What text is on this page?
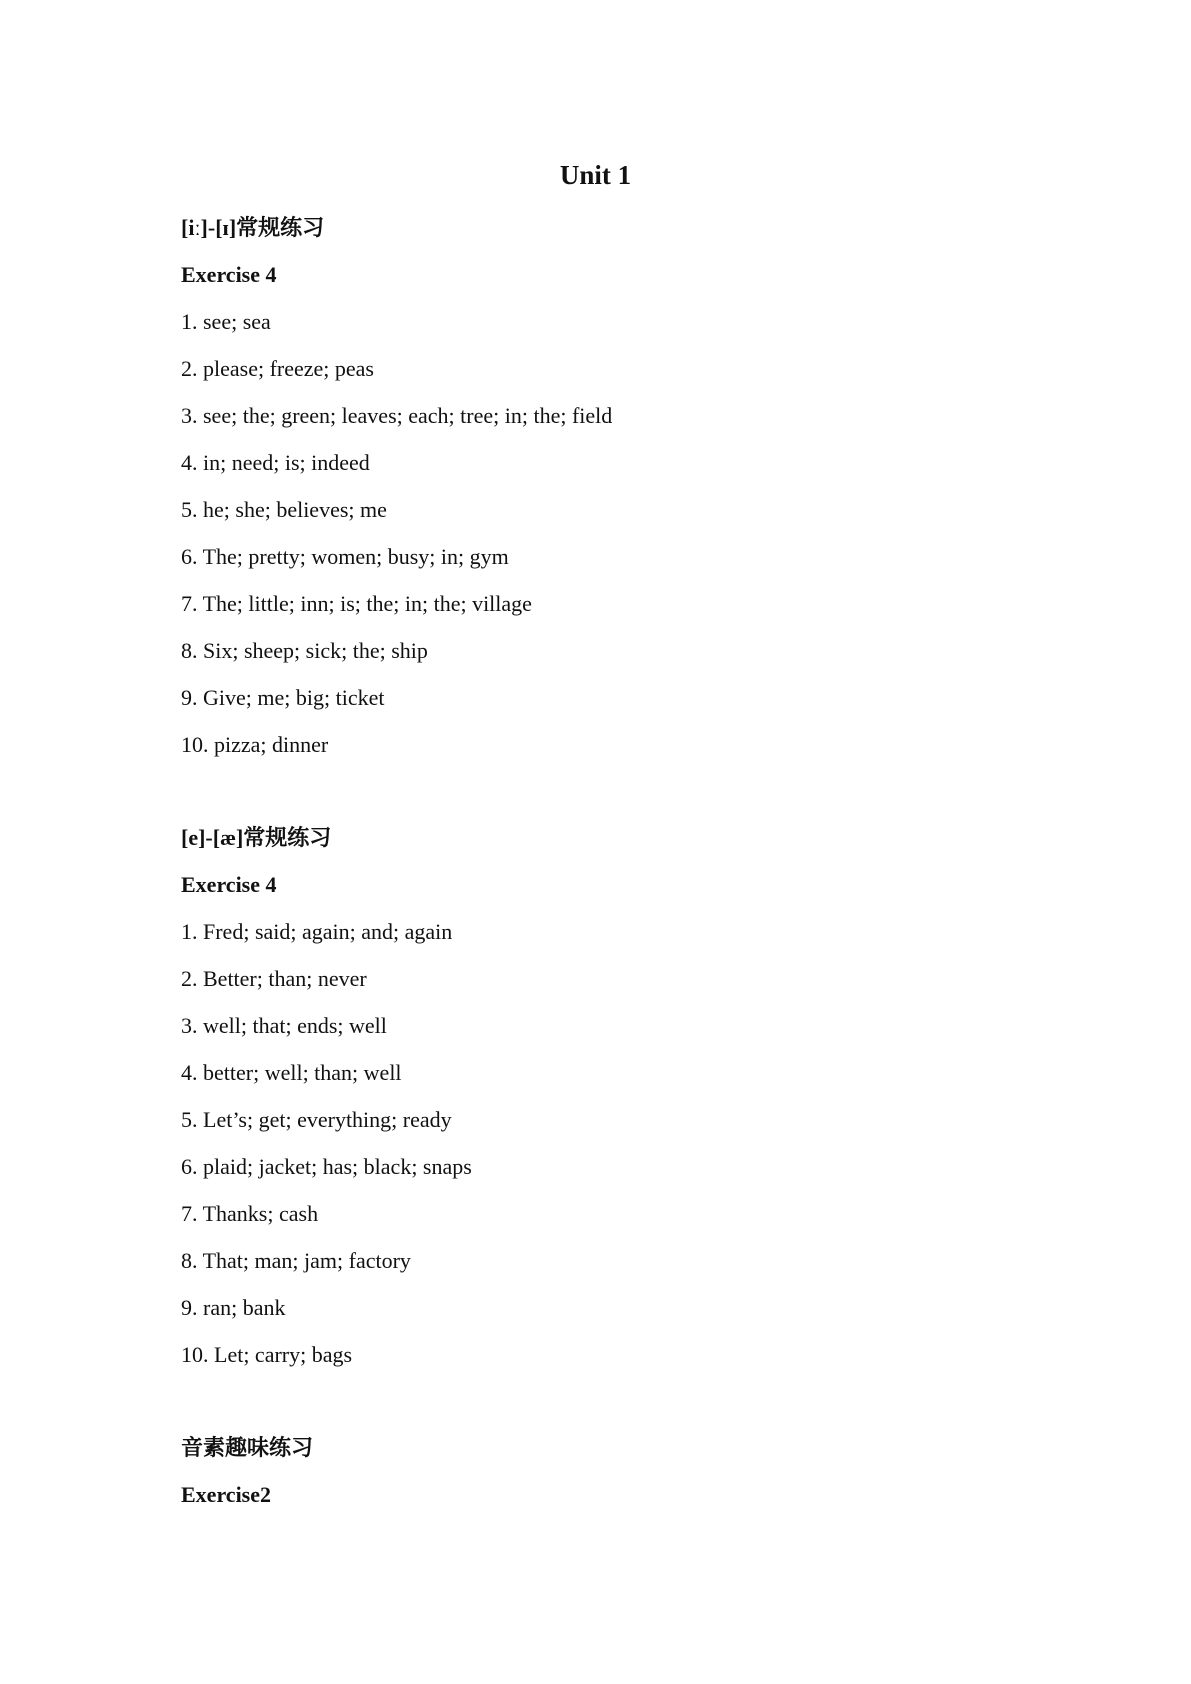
Unit 1

[iː]-[ɪ]常规练习

Exercise 4

1. see; sea

2. please; freeze; peas

3. see; the; green; leaves; each; tree; in; the; field

4. in; need; is; indeed

5. he; she; believes; me

6. The; pretty; women; busy; in; gym

7. The; little; inn; is; the; in; the; village

8. Six; sheep; sick; the; ship

9. Give; me; big; ticket

10. pizza; dinner

[e]-[æ]常规练习

Exercise 4

1. Fred; said; again; and; again

2. Better; than; never

3. well; that; ends; well

4. better; well; than; well

5. Let’s; get; everything; ready

6. plaid; jacket; has; black; snaps

7. Thanks; cash

8. That; man; jam; factory

9. ran; bank

10. Let; carry; bags

音素趣味练习

Exercise2
